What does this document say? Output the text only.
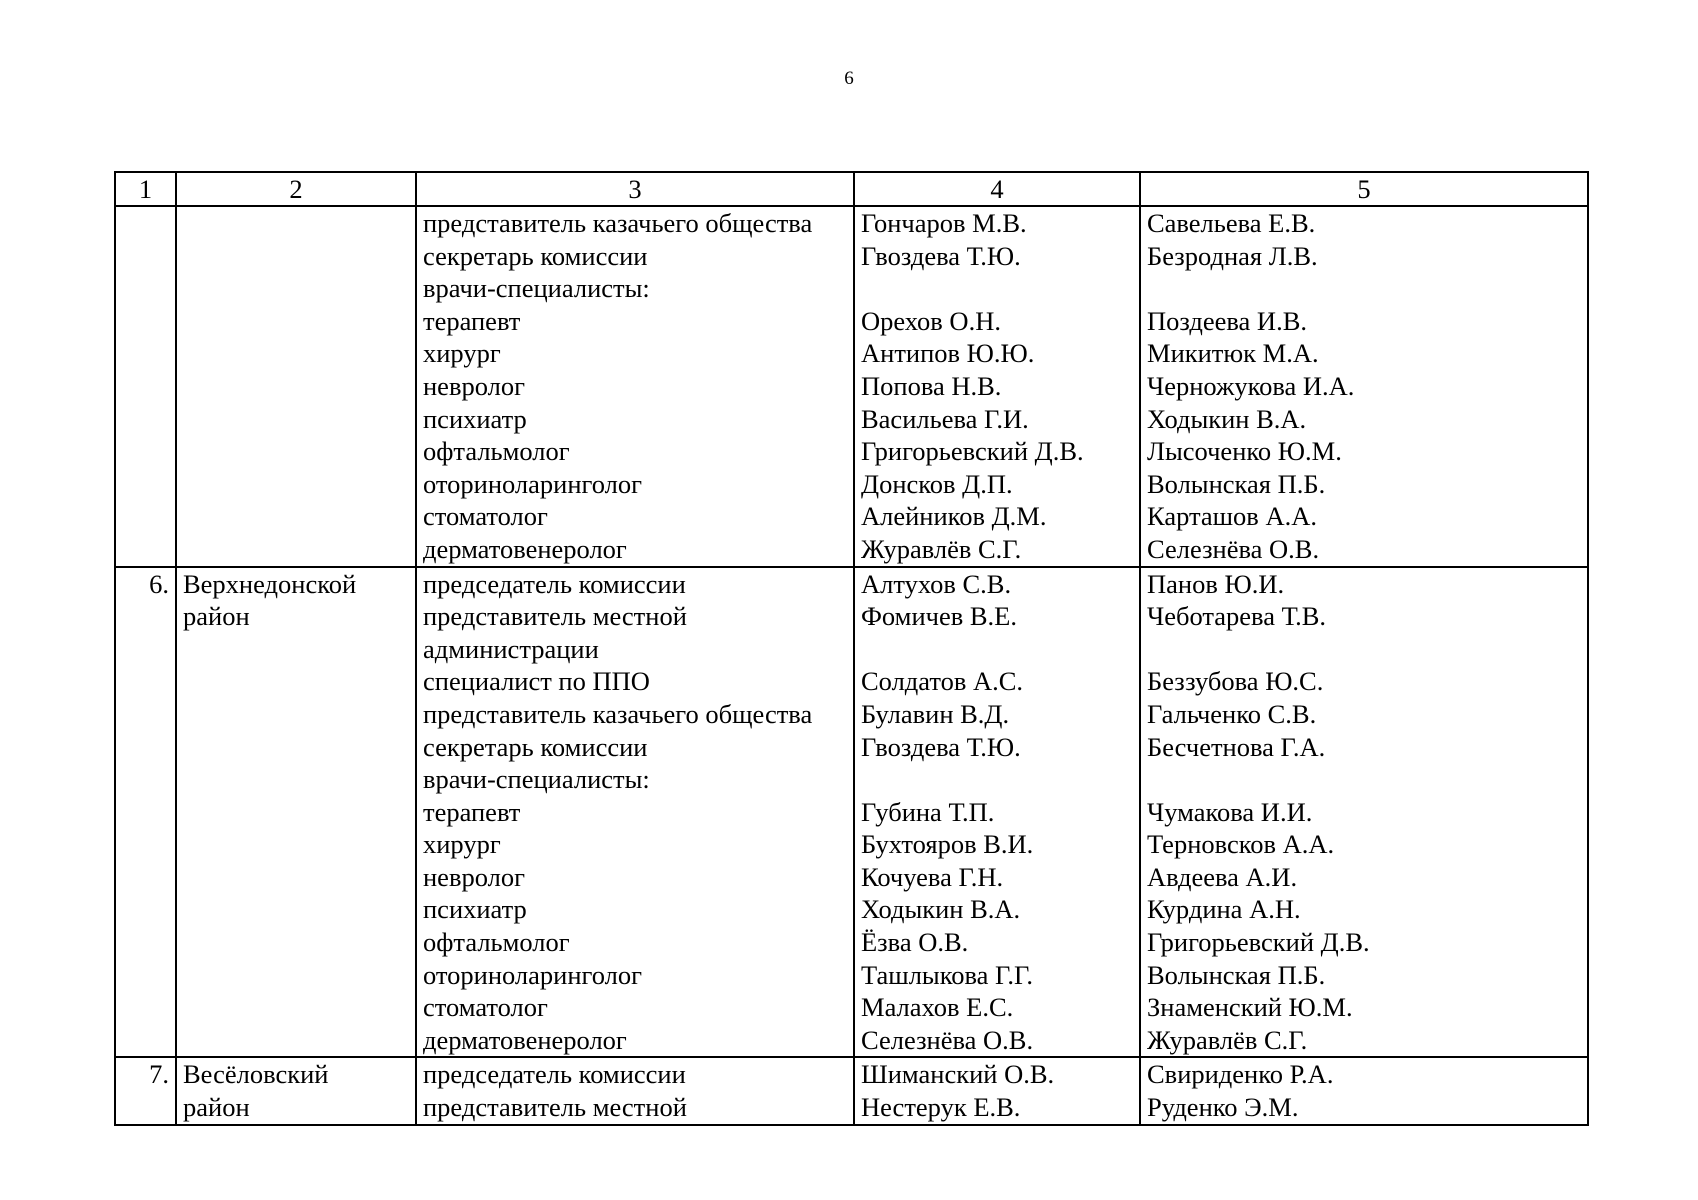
6
1	2	3	4	5
		представитель казачьего общества	Гончаров М.В.	Савельева Е.В.
		секретарь комиссии	Гвоздева Т.Ю.	Безродная Л.В.
		врачи-специалисты:		
		терапевт	Орехов О.Н.	Поздеева И.В.
		хирург	Антипов Ю.Ю.	Микитюк М.А.
		невролог	Попова Н.В.	Черножукова И.А.
		психиатр	Васильева Г.И.	Ходыкин В.А.
		офтальмолог	Григорьевский Д.В.	Лысоченко Ю.М.
		оториноларинголог	Донсков Д.П.	Волынская П.Б.
		стоматолог	Алейников Д.М.	Карташов А.А.
		дерматовенеролог	Журавлёв С.Г.	Селезнёва О.В.
6.	Верхнедонской	председатель комиссии	Алтухов С.В.	Панов Ю.И.
	район	представитель местной	Фомичев В.Е.	Чеботарева Т.В.
		администрации		
		специалист по ППО	Солдатов А.С.	Беззубова Ю.С.
		представитель казачьего общества	Булавин В.Д.	Гальченко С.В.
		секретарь комиссии	Гвоздева Т.Ю.	Бесчетнова Г.А.
		врачи-специалисты:		
		терапевт	Губина Т.П.	Чумакова И.И.
		хирург	Бухтояров В.И.	Терновсков А.А.
		невролог	Кочуева Г.Н.	Авдеева А.И.
		психиатр	Ходыкин В.А.	Курдина А.Н.
		офтальмолог	Ёзва О.В.	Григорьевский Д.В.
		оториноларинголог	Ташлыкова Г.Г.	Волынская П.Б.
		стоматолог	Малахов Е.С.	Знаменский Ю.М.
		дерматовенеролог	Селезнёва О.В.	Журавлёв С.Г.
7.	Весёловский	председатель комиссии	Шиманский О.В.	Свириденко Р.А.
	район	представитель местной	Нестерук Е.В.	Руденко Э.М.
